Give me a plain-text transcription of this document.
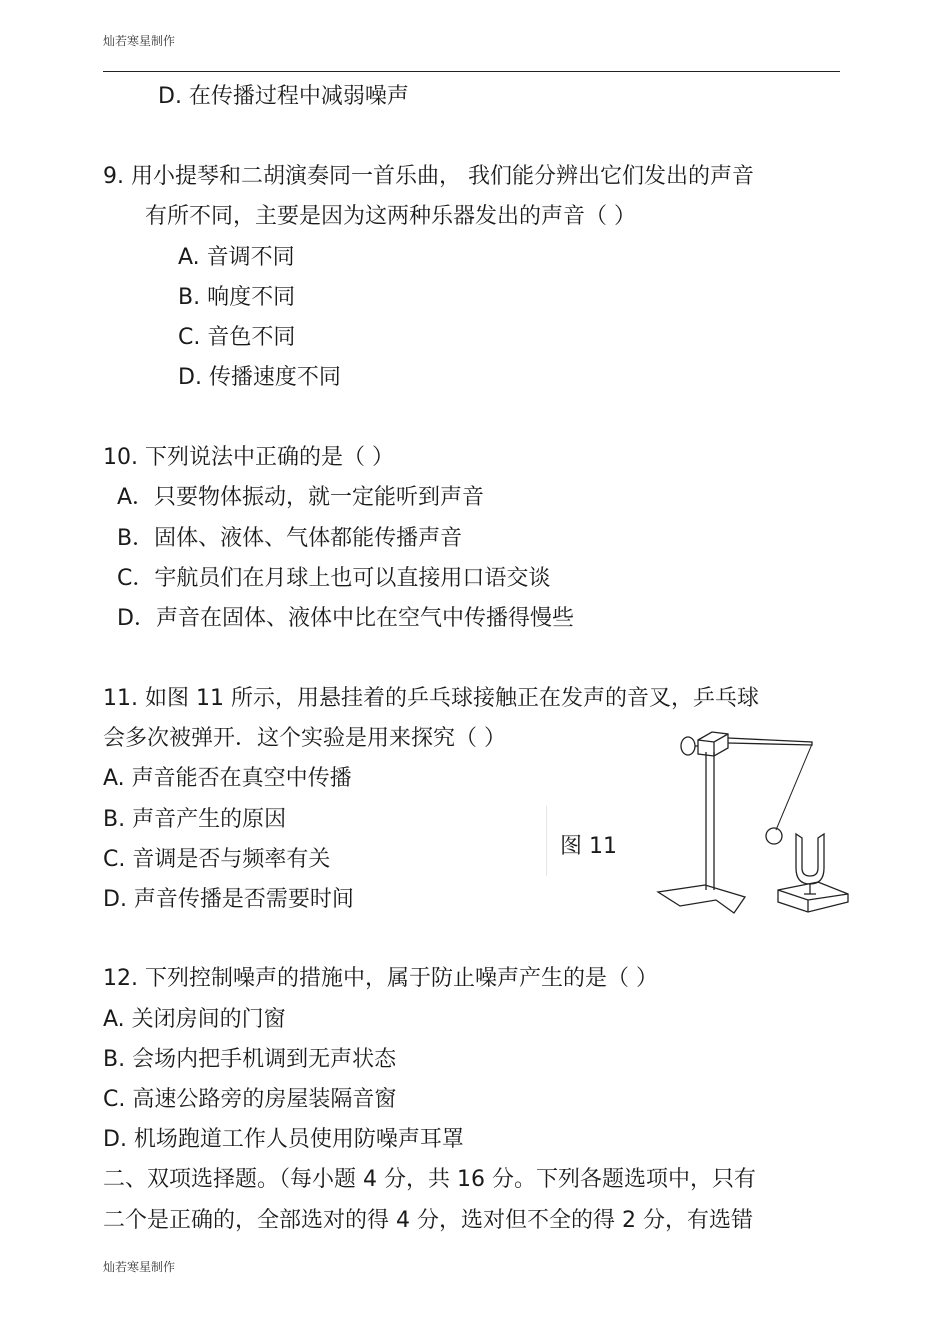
灿若寒星制作
D. 在传播过程中减弱噪声
9. 用小提琴和二胡演奏同一首乐曲， 我们能分辨出它们发出的声音
有所不同，主要是因为这两种乐器发出的声音（ ）
A. 音调不同
B. 响度不同
C. 音色不同
D. 传播速度不同
10. 下列说法中正确的是（ ）
A．只要物体振动，就一定能听到声音
B．固体、液体、气体都能传播声音
C．宇航员们在月球上也可以直接用口语交谈
D．声音在固体、液体中比在空气中传播得慢些
11. 如图 11 所示，用悬挂着的乒乓球接触正在发声的音叉，乒乓球
会多次被弹开．这个实验是用来探究（ ）
A. 声音能否在真空中传播
B. 声音产生的原因
C. 音调是否与频率有关
D. 声音传播是否需要时间
图 11
12. 下列控制噪声的措施中，属于防止噪声产生的是（ ）
A. 关闭房间的门窗
B. 会场内把手机调到无声状态
C. 高速公路旁的房屋装隔音窗
D. 机场跑道工作人员使用防噪声耳罩
二、双项选择题。（每小题 4 分，共 16 分。下列各题选项中，只有
二个是正确的，全部选对的得 4 分，选对但不全的得 2 分，有选错
灿若寒星制作
